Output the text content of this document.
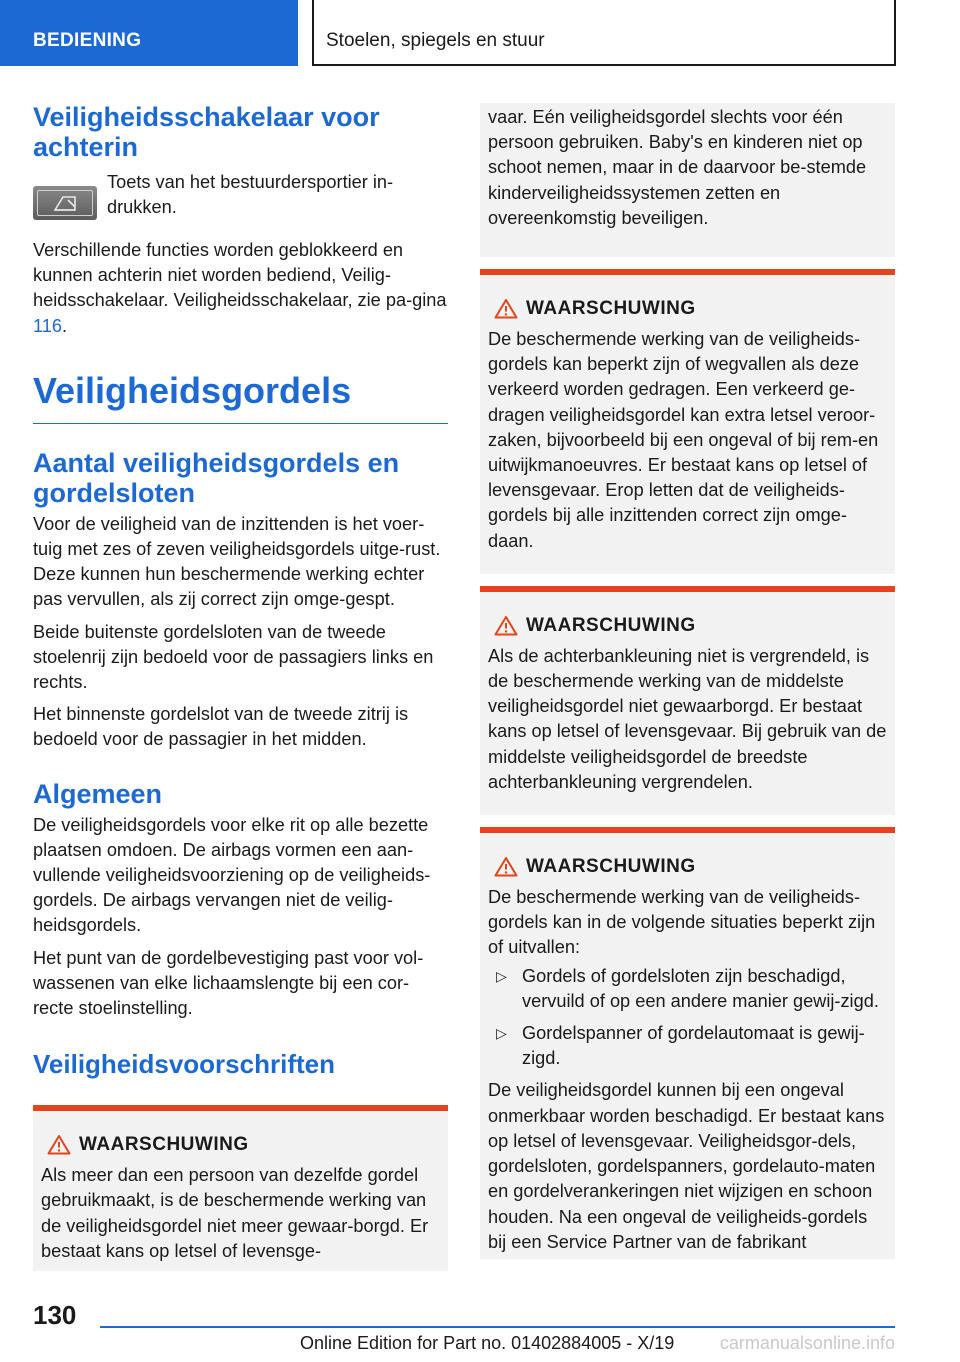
BEDIENING	Stoelen, spiegels en stuur
Veiligheidsschakelaar voor achterin
Toets van het bestuurdersportier in-drukken.
Verschillende functies worden geblokkeerd en kunnen achterin niet worden bediend, Veilig-heidsschakelaar. Veiligheidsschakelaar, zie pa-gina 116.
Veiligheidsgordels
Aantal veiligheidsgordels en gordelsloten
Voor de veiligheid van de inzittenden is het voer-tuig met zes of zeven veiligheidsgordels uitge-rust. Deze kunnen hun beschermende werking echter pas vervullen, als zij correct zijn omge-gespt.
Beide buitenste gordelsloten van de tweede stoelenrij zijn bedoeld voor de passagiers links en rechts.
Het binnenste gordelslot van de tweede zitrij is bedoeld voor de passagier in het midden.
Algemeen
De veiligheidsgordels voor elke rit op alle bezette plaatsen omdoen. De airbags vormen een aan-vullende veiligheidsvoorziening op de veiligheids-gordels. De airbags vervangen niet de veilig-heidsgordels.
Het punt van de gordelbevestiging past voor vol-wassenen van elke lichaamslengte bij een cor-recte stoelinstelling.
Veiligheidsvoorschriften
WAARSCHUWING
Als meer dan een persoon van dezelfde gordel gebruikmaakt, is de beschermende werking van de veiligheidsgordel niet meer gewaar-borgd. Er bestaat kans op letsel of levensge-
vaar. Eén veiligheidsgordel slechts voor één persoon gebruiken. Baby's en kinderen niet op schoot nemen, maar in de daarvoor be-stemde kinderveiligheidssystemen zetten en overeenkomstig beveiligen.
WAARSCHUWING
De beschermende werking van de veiligheids-gordels kan beperkt zijn of wegvallen als deze verkeerd worden gedragen. Een verkeerd ge-dragen veiligheidsgordel kan extra letsel veroor-zaken, bijvoorbeeld bij een ongeval of bij rem-en uitwijkmanoeuvres. Er bestaat kans op letsel of levensgevaar. Erop letten dat de veiligheids-gordels bij alle inzittenden correct zijn omge-daan.
WAARSCHUWING
Als de achterbankleuning niet is vergrendeld, is de beschermende werking van de middelste veiligheidsgordel niet gewaarborgd. Er bestaat kans op letsel of levensgevaar. Bij gebruik van de middelste veiligheidsgordel de breedste achterbankleuning vergrendelen.
WAARSCHUWING
De beschermende werking van de veiligheids-gordels kan in de volgende situaties beperkt zijn of uitvallen:
▷ Gordels of gordelsloten zijn beschadigd, vervuild of op een andere manier gewij-zigd.
▷ Gordelspanner of gordelautomaat is gewij-zigd.
De veiligheidsgordel kunnen bij een ongeval onmerkbaar worden beschadigd. Er bestaat kans op letsel of levensgevaar. Veiligheidsgor-dels, gordelsloten, gordelspanners, gordelauto-maten en gordelverankeringen niet wijzigen en schoon houden. Na een ongeval de veiligheids-gordels bij een Service Partner van de fabrikant
130
Online Edition for Part no. 01402884005 - X/19	carmanualsonline.info
